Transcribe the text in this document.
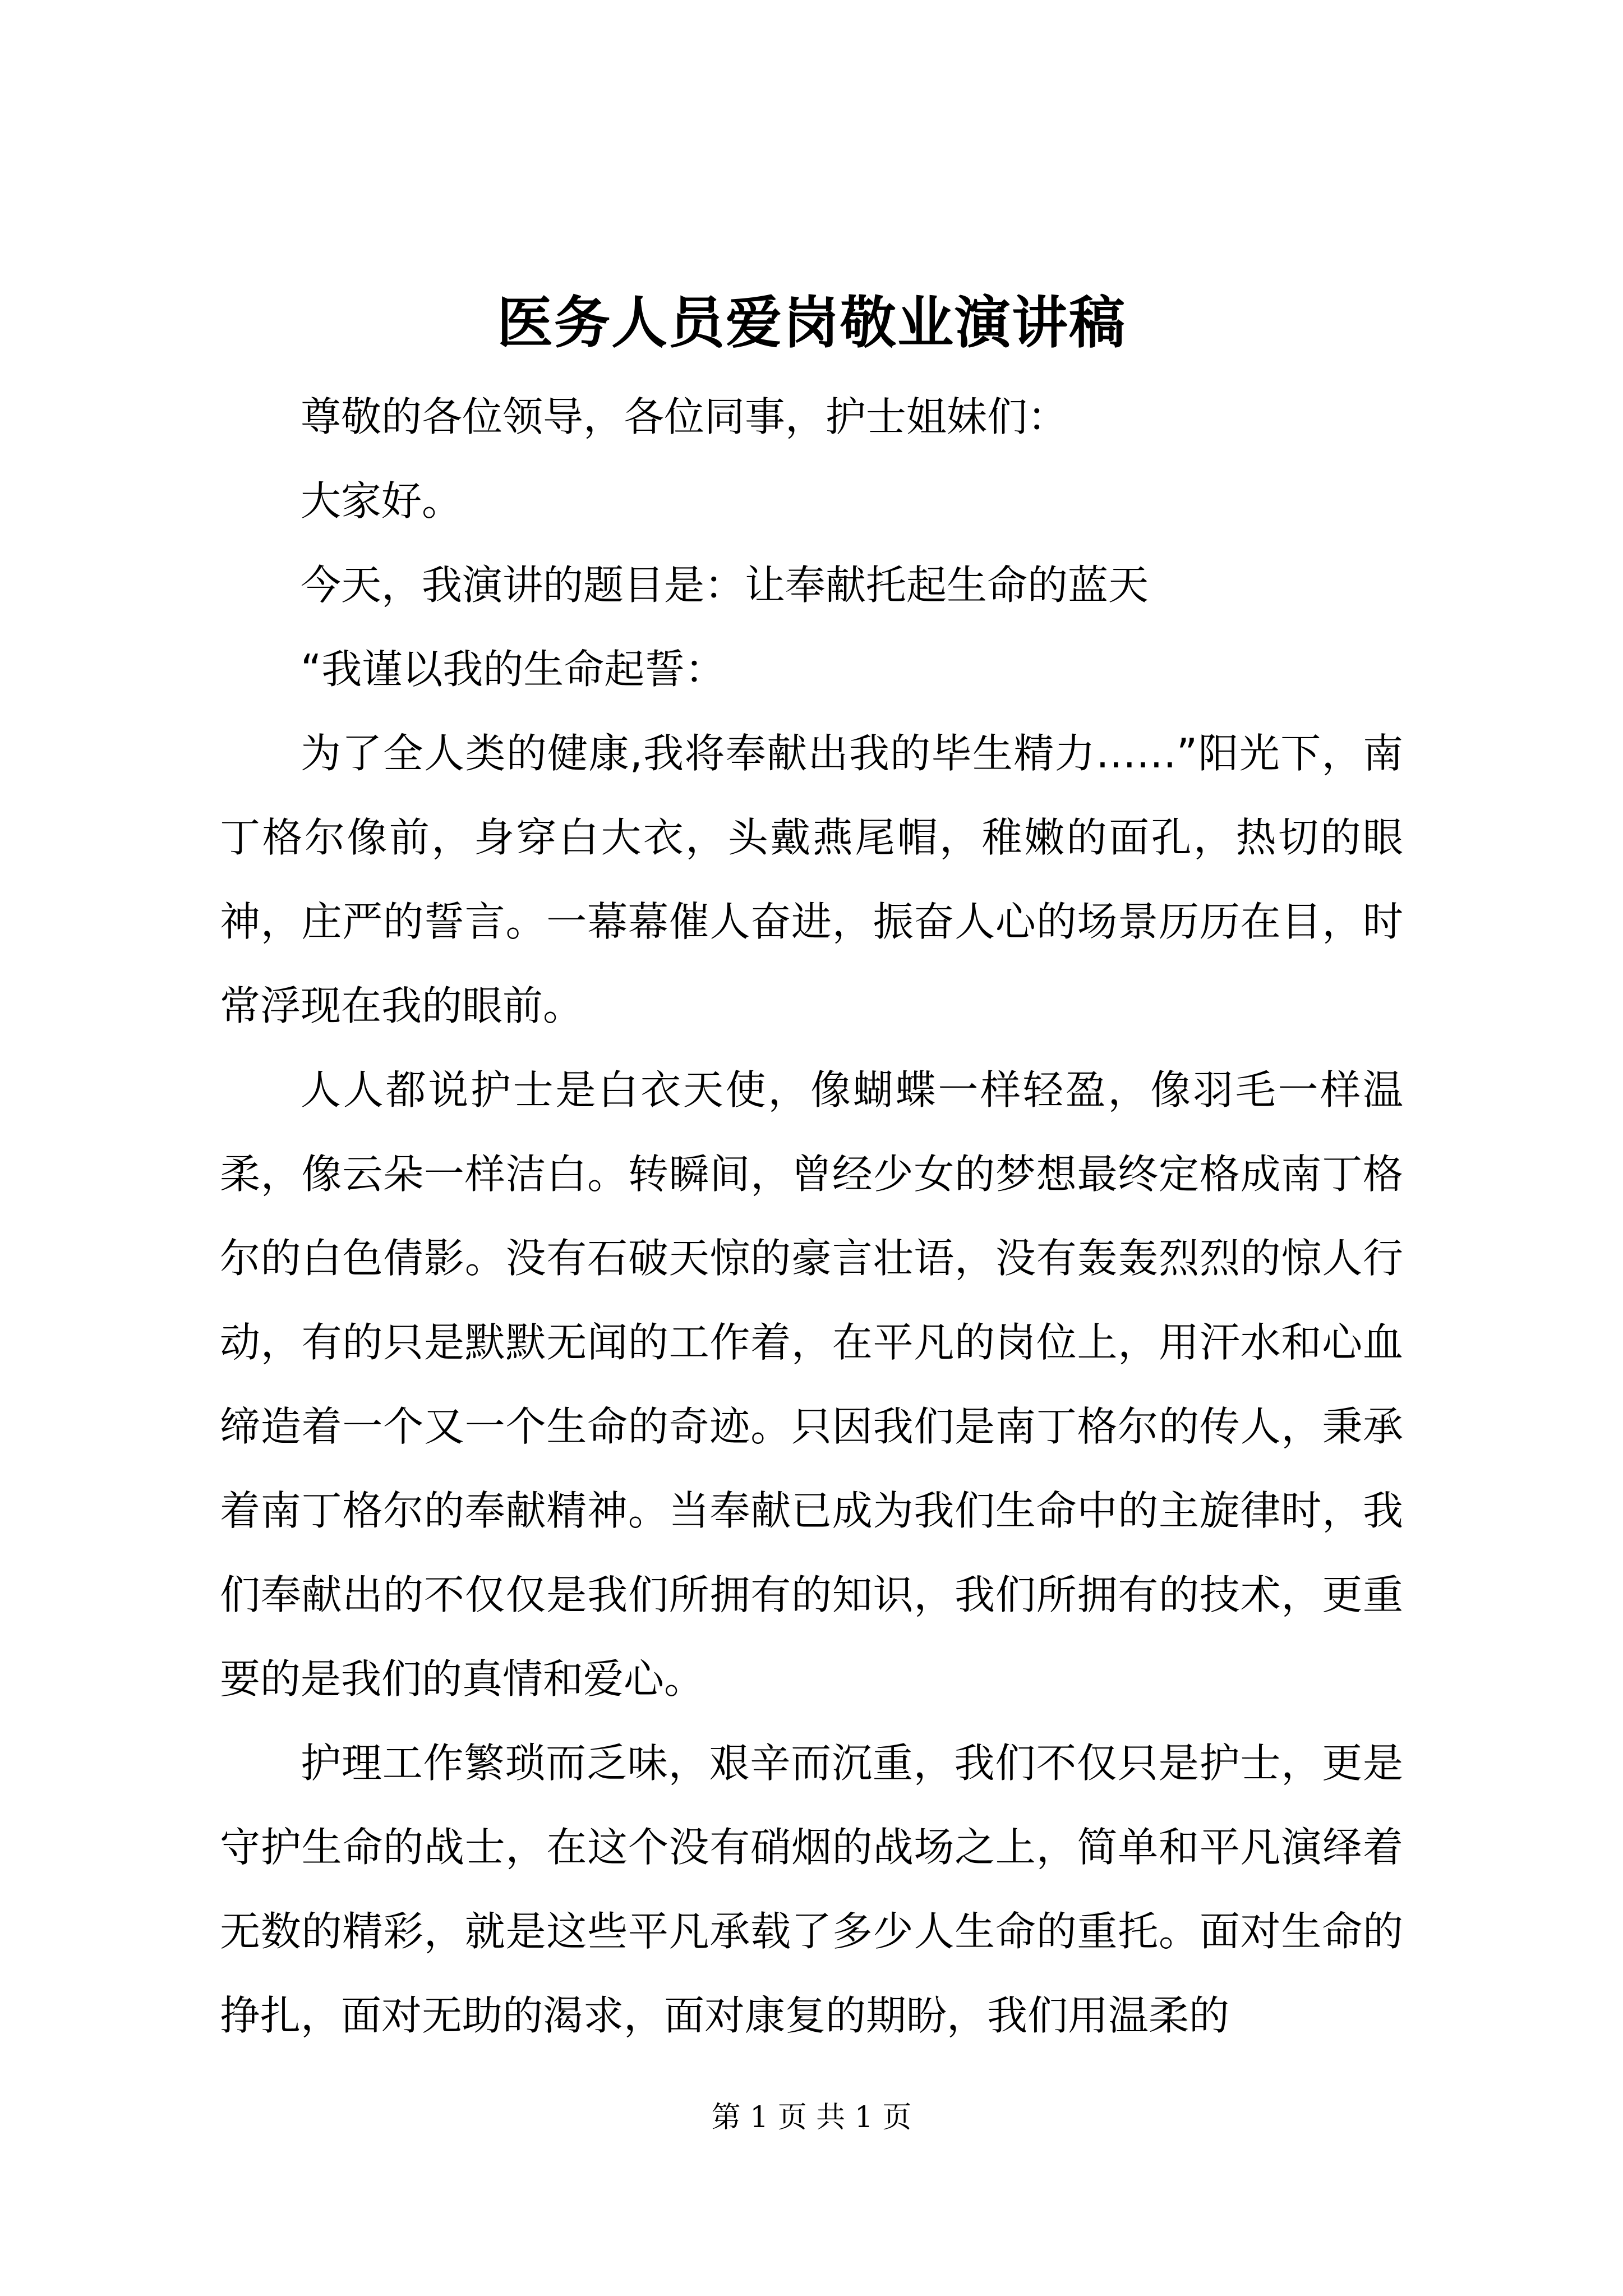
医务人员爱岗敬业演讲稿

尊敬的各位领导，各位同事，护士姐妹们：

大家好。

今天，我演讲的题目是：让奉献托起生命的蓝天

“我谨以我的生命起誓：

为了全人类的健康,我将奉献出我的毕生精力……”阳光下，南丁格尔像前，身穿白大衣，头戴燕尾帽，稚嫩的面孔，热切的眼神，庄严的誓言。一幕幕催人奋进，振奋人心的场景历历在目，时常浮现在我的眼前。

人人都说护士是白衣天使，像蝴蝶一样轻盈，像羽毛一样温柔，像云朵一样洁白。转瞬间，曾经少女的梦想最终定格成南丁格尔的白色倩影。没有石破天惊的豪言壮语，没有轰轰烈烈的惊人行动，有的只是默默无闻的工作着，在平凡的岗位上，用汗水和心血缔造着一个又一个生命的奇迹。只因我们是南丁格尔的传人，秉承着南丁格尔的奉献精神。当奉献已成为我们生命中的主旋律时，我们奉献出的不仅仅是我们所拥有的知识，我们所拥有的技术，更重要的是我们的真情和爱心。

护理工作繁琐而乏味，艰辛而沉重，我们不仅只是护士，更是守护生命的战士，在这个没有硝烟的战场之上，简单和平凡演绎着无数的精彩，就是这些平凡承载了多少人生命的重托。面对生命的挣扎，面对无助的渴求，面对康复的期盼，我们用温柔的

第 1 页 共 1 页
